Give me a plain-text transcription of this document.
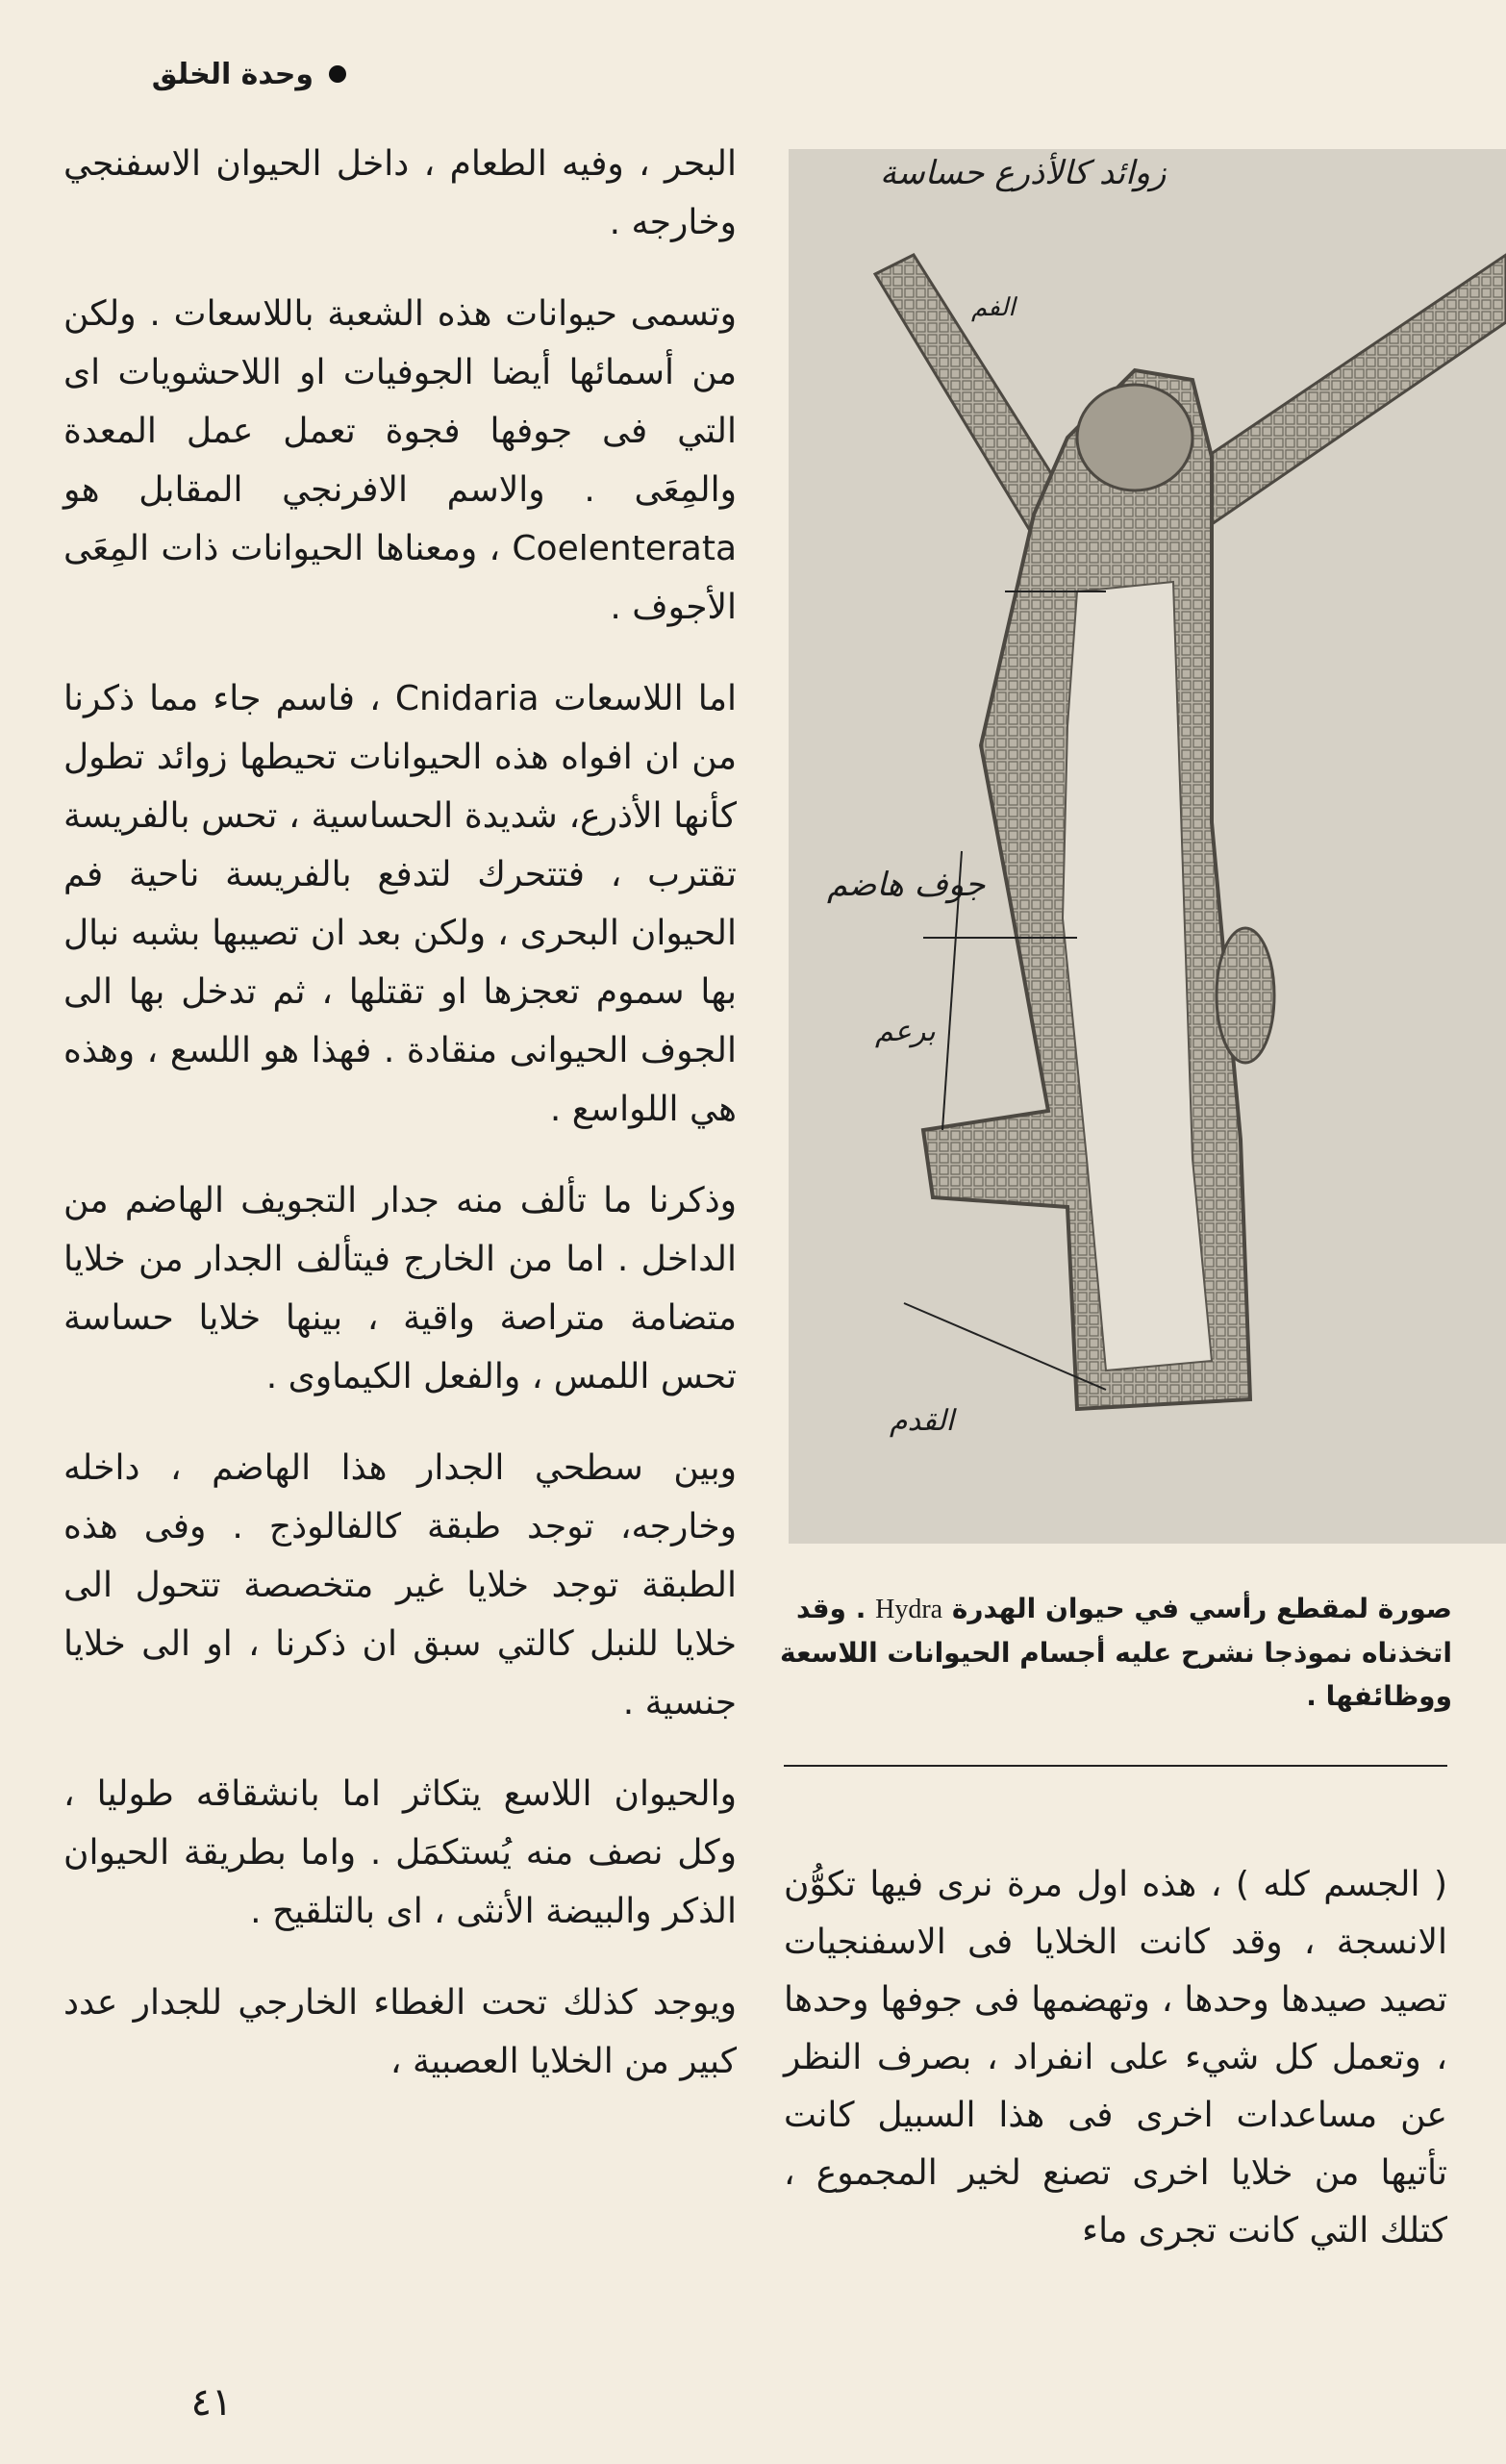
وحدة الخلق

البحر ، وفيه الطعام ، داخل الحيوان الاسفنجي وخارجه .

وتسمى حيوانات هذه الشعبة باللاسعات . ولكن من أسمائها أيضا الجوفيات او اللاحشويات اى التي فى جوفها فجوة تعمل عمل المعدة والمِعَى . والاسم الافرنجي المقابل هو Coelenterata ، ومعناها الحيوانات ذات المِعَى الأجوف .

اما اللاسعات Cnidaria ، فاسم جاء مما ذكرنا من ان افواه هذه الحيوانات تحيطها زوائد تطول كأنها الأذرع، شديدة الحساسية ، تحس بالفريسة تقترب ، فتتحرك لتدفع بالفريسة ناحية فم الحيوان البحرى ، ولكن بعد ان تصيبها بشبه نبال بها سموم تعجزها او تقتلها ، ثم تدخل بها الى الجوف الحيوانى منقادة . فهذا هو اللسع ، وهذه هي اللواسع .

وذكرنا ما تألف منه جدار التجويف الهاضم من الداخل . اما من الخارج فيتألف الجدار من خلايا متضامة متراصة واقية ، بينها خلايا حساسة تحس اللمس ، والفعل الكيماوى .

وبين سطحي الجدار هذا الهاضم ، داخله وخارجه، توجد طبقة كالفالوذج . وفى هذه الطبقة توجد خلايا غير متخصصة تتحول الى خلايا للنبل كالتي سبق ان ذكرنا ، او الى خلايا جنسية .

والحيوان اللاسع يتكاثر اما بانشقاقه طوليا ، وكل نصف منه يُستكمَل . واما بطريقة الحيوان الذكر والبيضة الأنثى ، اى بالتلقيح .

ويوجد كذلك تحت الغطاء الخارجي للجدار عدد كبير من الخلايا العصبية ،

زوائد كالأذرع حساسة
الفم
جوف هاضم
برعم
القدم
صورة لمقطع رأسي في حيوان الهدرة Hydra . وقد اتخذناه نموذجا نشرح عليه أجسام الحيوانات اللاسعة ووظائفها .

( الجسم كله ) ، هذه اول مرة نرى فيها تكوُّن الانسجة ، وقد كانت الخلايا فى الاسفنجيات تصيد صيدها وحدها ، وتهضمها فى جوفها وحدها ، وتعمل كل شيء على انفراد ، بصرف النظر عن مساعدات اخرى فى هذا السبيل كانت تأتيها من خلايا اخرى تصنع لخير المجموع ، كتلك التي كانت تجرى ماء

٤١
